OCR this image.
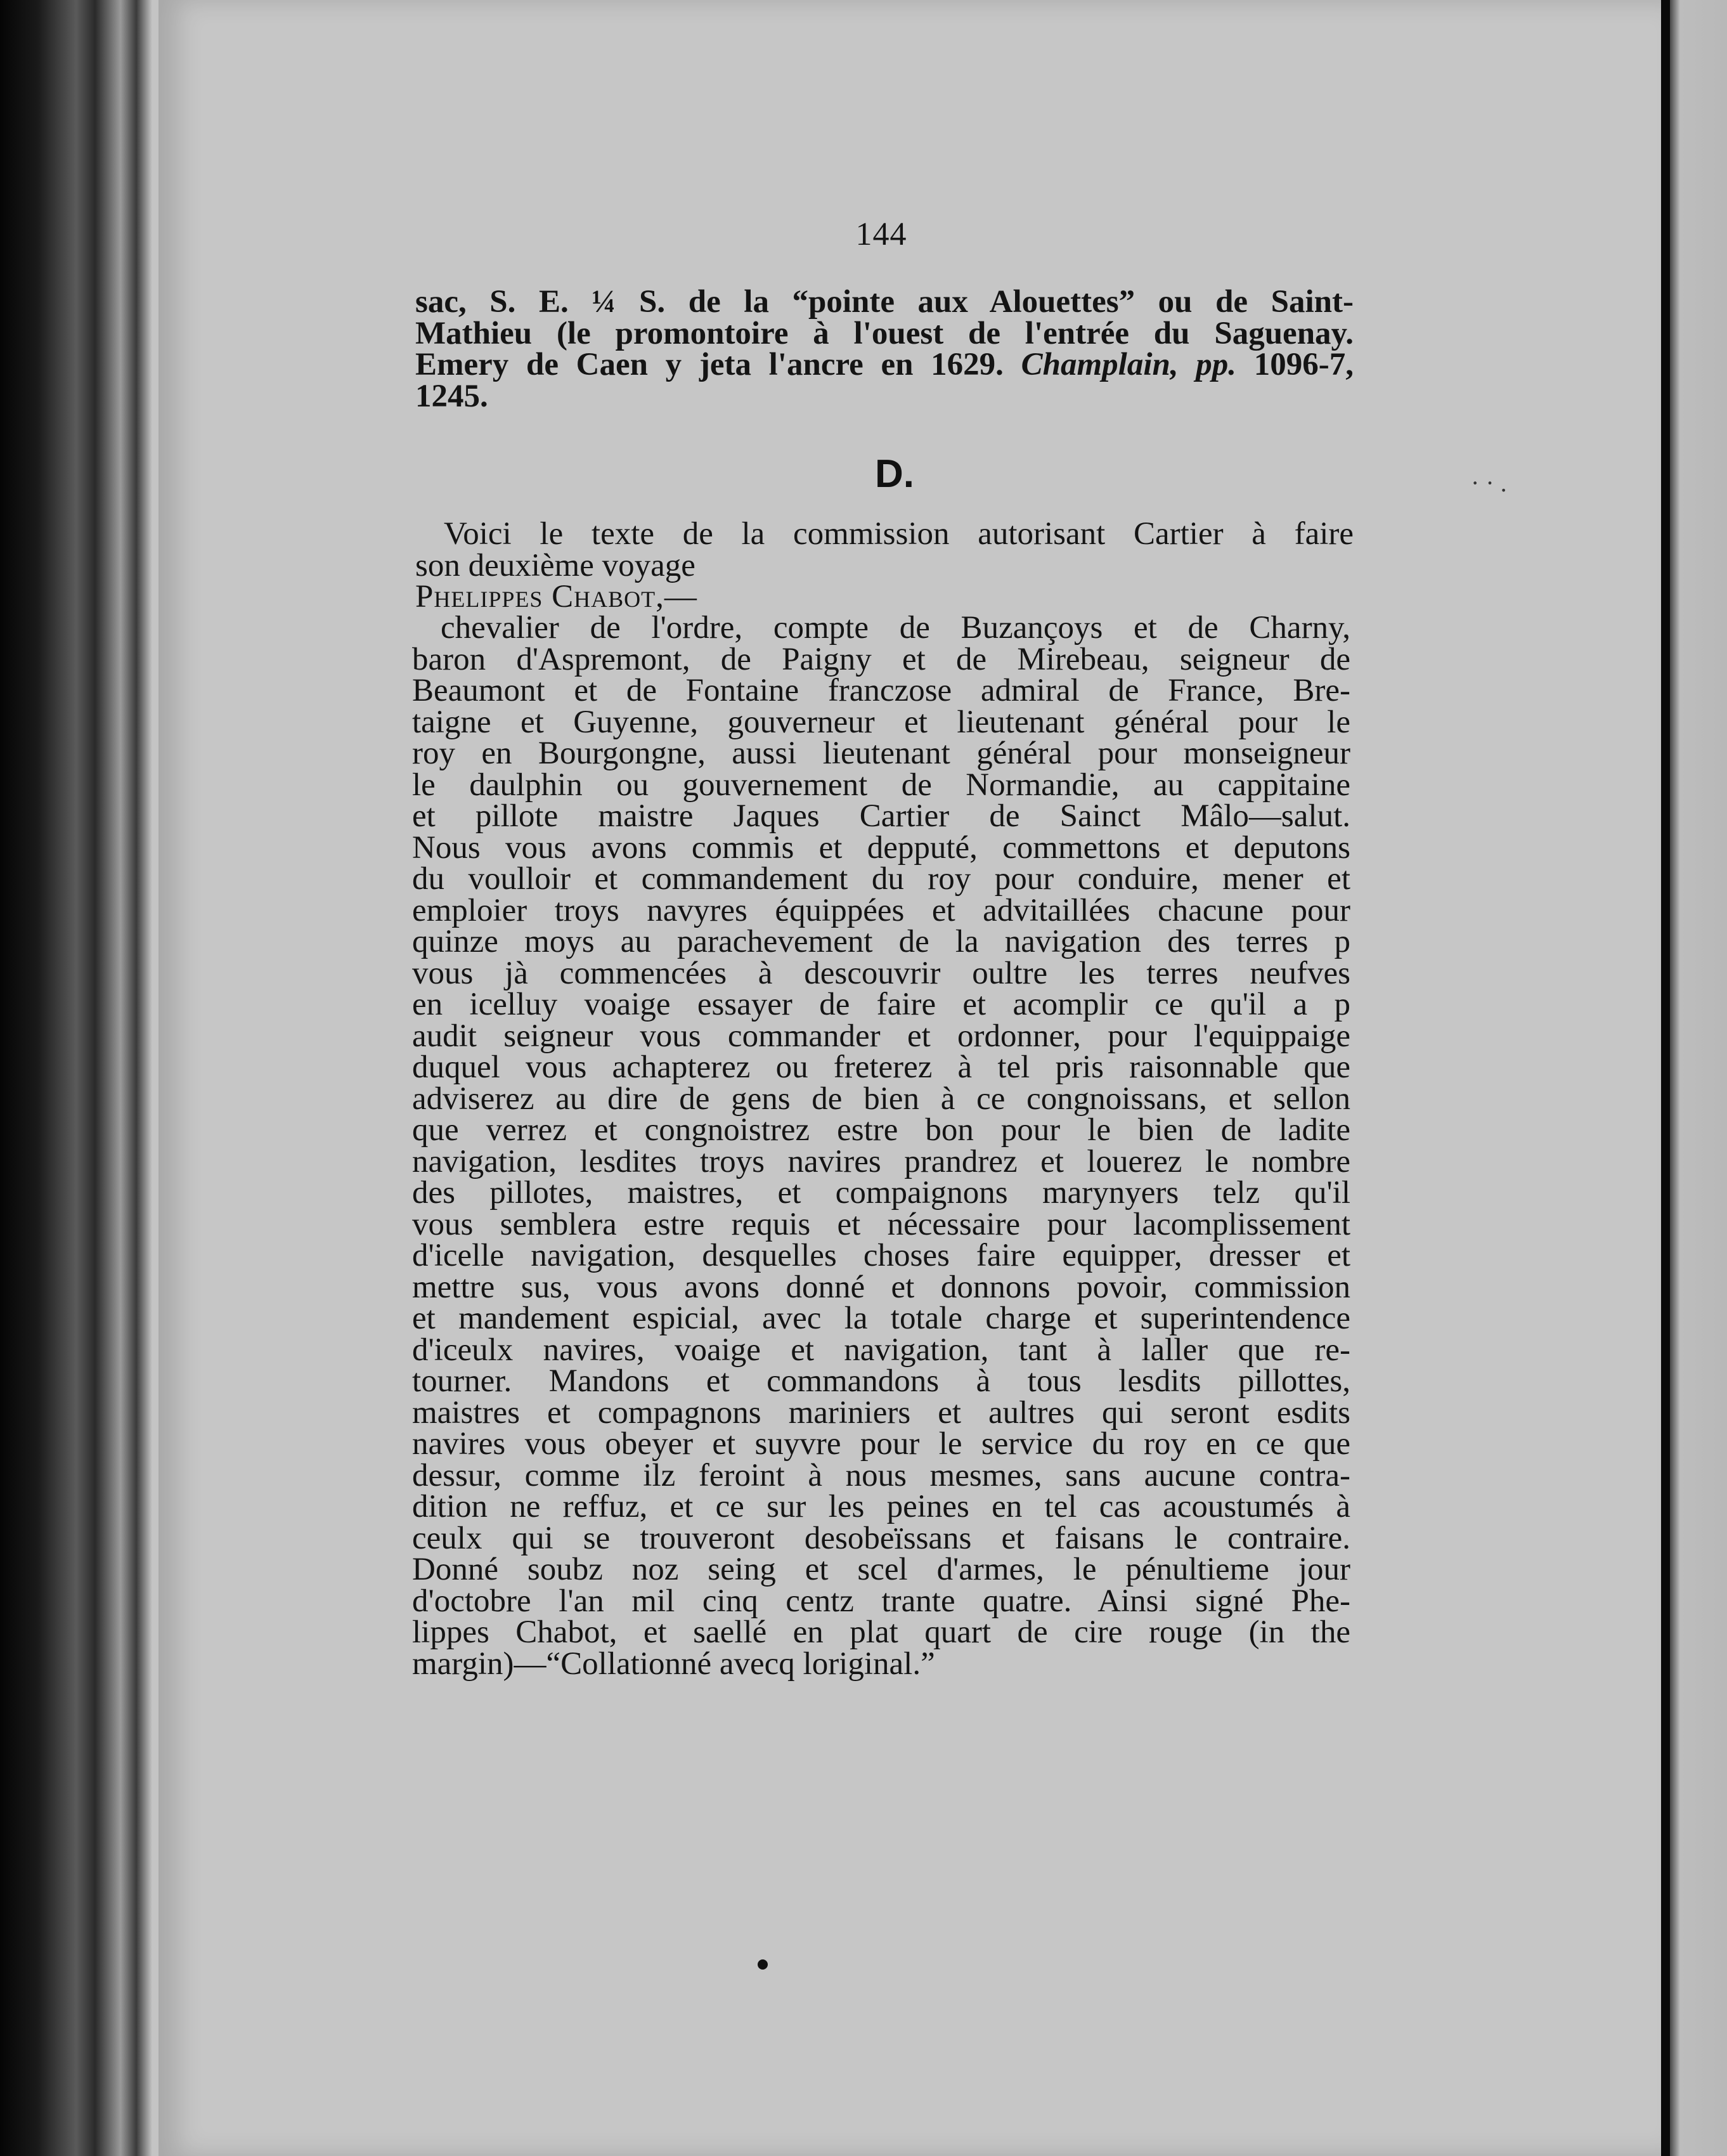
144
sac, S. E. ¼ S. de la “pointe aux Alouettes” ou de Saint-
Mathieu (le promontoire à l'ouest de l'entrée du Saguenay.
Emery de Caen y jeta l'ancre en 1629. Champlain, pp. 1096-7,
1245.
D.	· · .
Voici le texte de la commission autorisant Cartier à faire
son deuxième voyage
Phelippes Chabot,—
chevalier de l'ordre, compte de Buzançoys et de Charny,
baron d'Aspremont, de Paigny et de Mirebeau, seigneur de
Beaumont et de Fontaine franczose admiral de France, Bre-
taigne et Guyenne, gouverneur et lieutenant général pour le
roy en Bourgongne, aussi lieutenant général pour monseigneur
le daulphin ou gouvernement de Normandie, au cappitaine
et pillote maistre Jaques Cartier de Sainct Mâlo—salut.
Nous vous avons commis et depputé, commettons et deputons
du voulloir et commandement du roy pour conduire, mener et
emploier troys navyres équippées et advitaillées chacune pour
quinze moys au parachevement de la navigation des terres p
vous jà commencées à descouvrir oultre les terres neufves
en icelluy voaige essayer de faire et acomplir ce qu'il a p
audit seigneur vous commander et ordonner, pour l'equippaige
duquel vous achapterez ou freterez à tel pris raisonnable que
adviserez au dire de gens de bien à ce congnoissans, et sellon
que verrez et congnoistrez estre bon pour le bien de ladite
navigation, lesdites troys navires prandrez et louerez le nombre
des pillotes, maistres, et compaignons marynyers telz qu'il
vous semblera estre requis et nécessaire pour lacomplissement
d'icelle navigation, desquelles choses faire equipper, dresser et
mettre sus, vous avons donné et donnons povoir, commission
et mandement espicial, avec la totale charge et superintendence
d'iceulx navires, voaige et navigation, tant à laller que re-
tourner. Mandons et commandons à tous lesdits pillottes,
maistres et compagnons mariniers et aultres qui seront esdits
navires vous obeyer et suyvre pour le service du roy en ce que
dessur, comme ilz feroint à nous mesmes, sans aucune contra-
dition ne reffuz, et ce sur les peines en tel cas acoustumés à
ceulx qui se trouveront desobeïssans et faisans le contraire.
Donné soubz noz seing et scel d'armes, le pénultieme jour
d'octobre l'an mil cinq centz trante quatre. Ainsi signé Phe-
lippes Chabot, et saellé en plat quart de cire rouge (in the
margin)—“Collationné avecq loriginal.”
